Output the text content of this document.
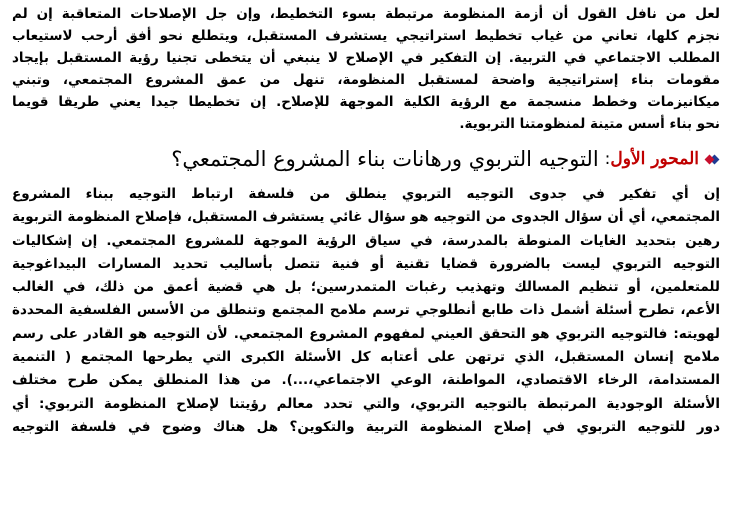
لعل من نافل القول أن أزمة المنظومة مرتبطة بسوء التخطيط، وإن جل الإصلاحات المتعاقبة إن لم
نجزم كلها، تعاني من غياب تخطيط استراتيجي يستشرف المستقبل، ويتطلع نحو أفق أرحب لاستيعاب
المطلب الاجتماعي في التربية. إن التفكير في الإصلاح لا ينبغي أن يتخطى تجنيا رؤية المستقبل بإيجاد
مقومات بناء إستراتيجية واضحة لمستقبل المنظومة، تنهل من عمق المشروع المجتمعي، وتبني
ميكانيزمات وخطط منسجمة مع الرؤية الكلية الموجهة للإصلاح. إن تخطيطا جيدا يعني طريقا قويما
نحو بناء أسس متينة لمنظومتنا التربوية.
المحور الأول
:
التوجيه التربوي ورهانات بناء المشروع المجتمعي؟
إن أي تفكير في جدوى التوجيه التربوي ينطلق من فلسفة ارتباط التوجيه ببناء المشروع
المجتمعي، أي أن سؤال الجدوى من التوجيه هو سؤال غائي يستشرف المستقبل، فإصلاح المنظومة التربوية
رهين بتحديد الغايات المنوطة بالمدرسة، في سياق الرؤية الموجهة للمشروع المجتمعي. إن إشكاليات
التوجيه التربوي ليست بالضرورة قضايا تقنية أو فنية تتصل بأساليب تحديد المسارات البيداغوجية
للمتعلمين، أو تنظيم المسالك وتهذيب رغبات المتمدرسين؛ بل هي قضية أعمق من ذلك، في الغالب
الأعم، تطرح أسئلة أشمل ذات طابع أنطلوجي ترسم ملامح المجتمع وتنطلق من الأسس الفلسفية المحددة
لهويته: فالتوجيه التربوي هو التحقق العيني لمفهوم المشروع المجتمعي. لأن التوجيه هو القادر على رسم
ملامح إنسان المستقبل، الذي ترتهن على أعتابه كل الأسئلة الكبرى التي يطرحها المجتمع ( التنمية
المستدامة، الرخاء الاقتصادي، المواطنة، الوعي الاجتماعي،...). من هذا المنطلق يمكن طرح مختلف
الأسئلة الوجودية المرتبطة بالتوجيه التربوي، والتي تحدد معالم رؤيتنا لإصلاح المنظومة التربوي: أي
دور للتوجيه التربوي في إصلاح المنظومة التربية والتكوين؟ هل هناك وضوح في فلسفة التوجيه
